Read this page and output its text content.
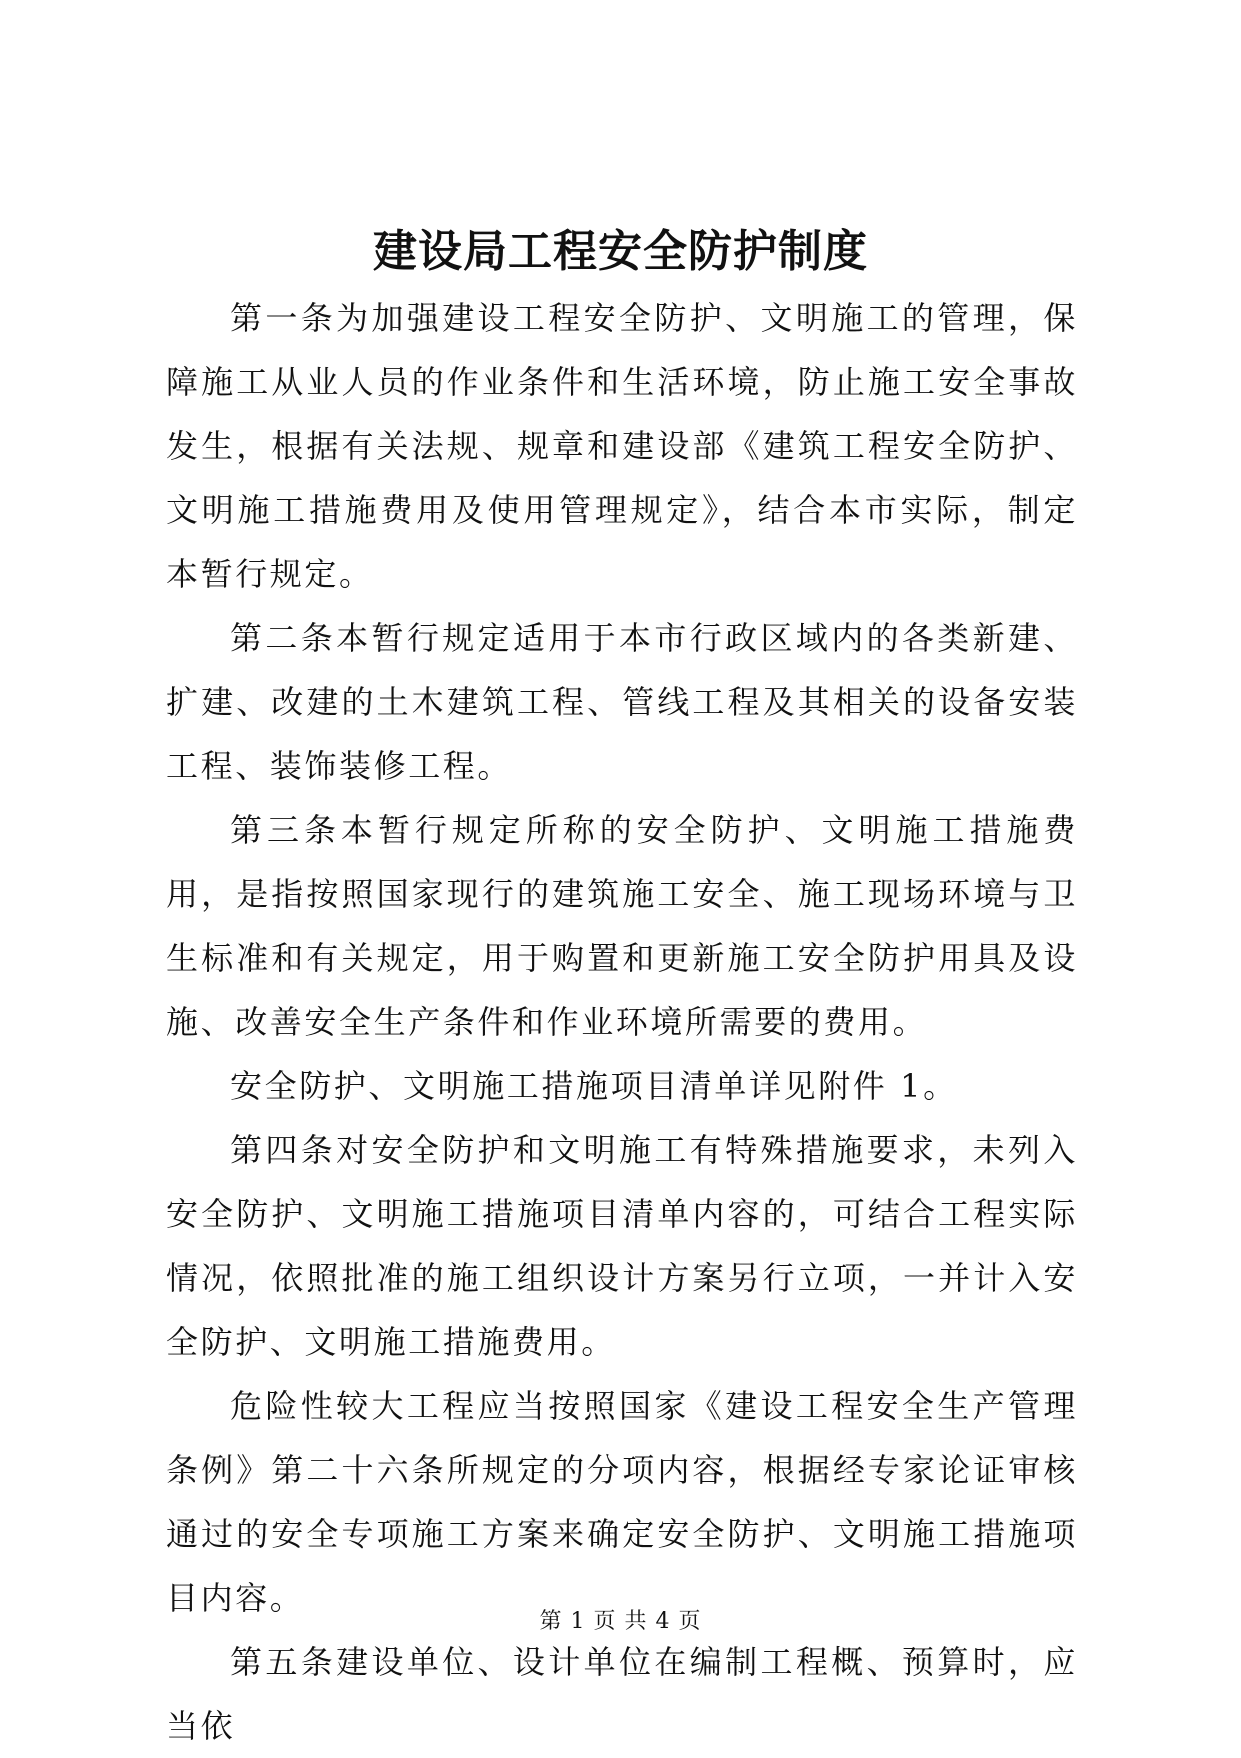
建设局工程安全防护制度

第一条为加强建设工程安全防护、文明施工的管理，保障施工从业人员的作业条件和生活环境，防止施工安全事故发生，根据有关法规、规章和建设部《建筑工程安全防护、文明施工措施费用及使用管理规定》，结合本市实际，制定本暂行规定。

第二条本暂行规定适用于本市行政区域内的各类新建、扩建、改建的土木建筑工程、管线工程及其相关的设备安装工程、装饰装修工程。

第三条本暂行规定所称的安全防护、文明施工措施费用，是指按照国家现行的建筑施工安全、施工现场环境与卫生标准和有关规定，用于购置和更新施工安全防护用具及设施、改善安全生产条件和作业环境所需要的费用。

安全防护、文明施工措施项目清单详见附件 1。

第四条对安全防护和文明施工有特殊措施要求，未列入安全防护、文明施工措施项目清单内容的，可结合工程实际情况，依照批准的施工组织设计方案另行立项，一并计入安全防护、文明施工措施费用。

危险性较大工程应当按照国家《建设工程安全生产管理条例》第二十六条所规定的分项内容，根据经专家论证审核通过的安全专项施工方案来确定安全防护、文明施工措施项目内容。

第五条建设单位、设计单位在编制工程概、预算时，应当依

第 1 页 共 4 页
